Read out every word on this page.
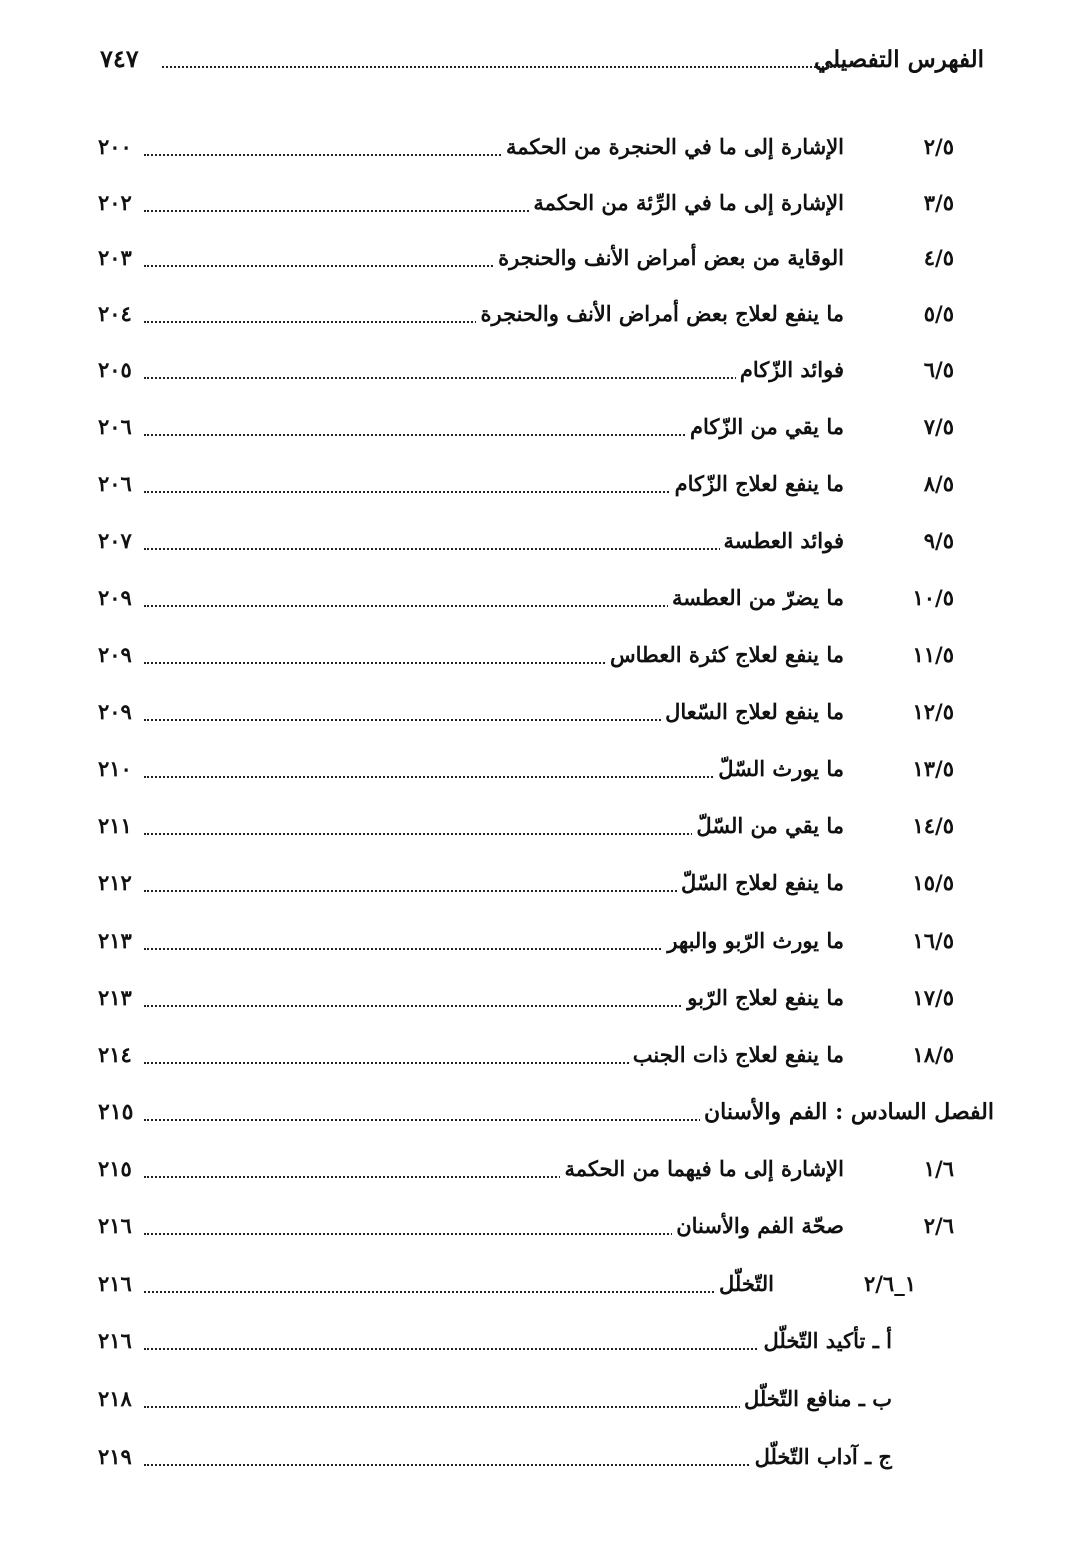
الفهرس التفصيلي
٧٤٧
٢/٥
الإشارة إلى ما في الحنجرة من الحكمة
٢٠٠
٣/٥
الإشارة إلى ما في الرِّئة من الحكمة
٢٠٢
٤/٥
الوقاية من بعض أمراض الأنف والحنجرة
٢٠٣
٥/٥
ما ينفع لعلاج بعض أمراض الأنف والحنجرة
٢٠٤
٦/٥
فوائد الزّكام
٢٠٥
٧/٥
ما يقي من الزّكام
٢٠٦
٨/٥
ما ينفع لعلاج الزّكام
٢٠٦
٩/٥
فوائد العطسة
٢٠٧
١٠/٥
ما يضرّ من العطسة
٢٠٩
١١/٥
ما ينفع لعلاج كثرة العطاس
٢٠٩
١٢/٥
ما ينفع لعلاج السّعال
٢٠٩
١٣/٥
ما يورث السّلّ
٢١٠
١٤/٥
ما يقي من السّلّ
٢١١
١٥/٥
ما ينفع لعلاج السّلّ
٢١٢
١٦/٥
ما يورث الرّبو والبهر
٢١٣
١٧/٥
ما ينفع لعلاج الرّبو
٢١٣
١٨/٥
ما ينفع لعلاج ذات الجنب
٢١٤
الفصل السادس : الفم والأسنان
٢١٥
١/٦
الإشارة إلى ما فيهما من الحكمة
٢١٥
٢/٦
صحّة الفم والأسنان
٢١٦
١_٢/٦
التّخلّل
٢١٦
أ ـ تأكيد التّخلّل
٢١٦
ب ـ منافع التّخلّل
٢١٨
ج ـ آداب التّخلّل
٢١٩
